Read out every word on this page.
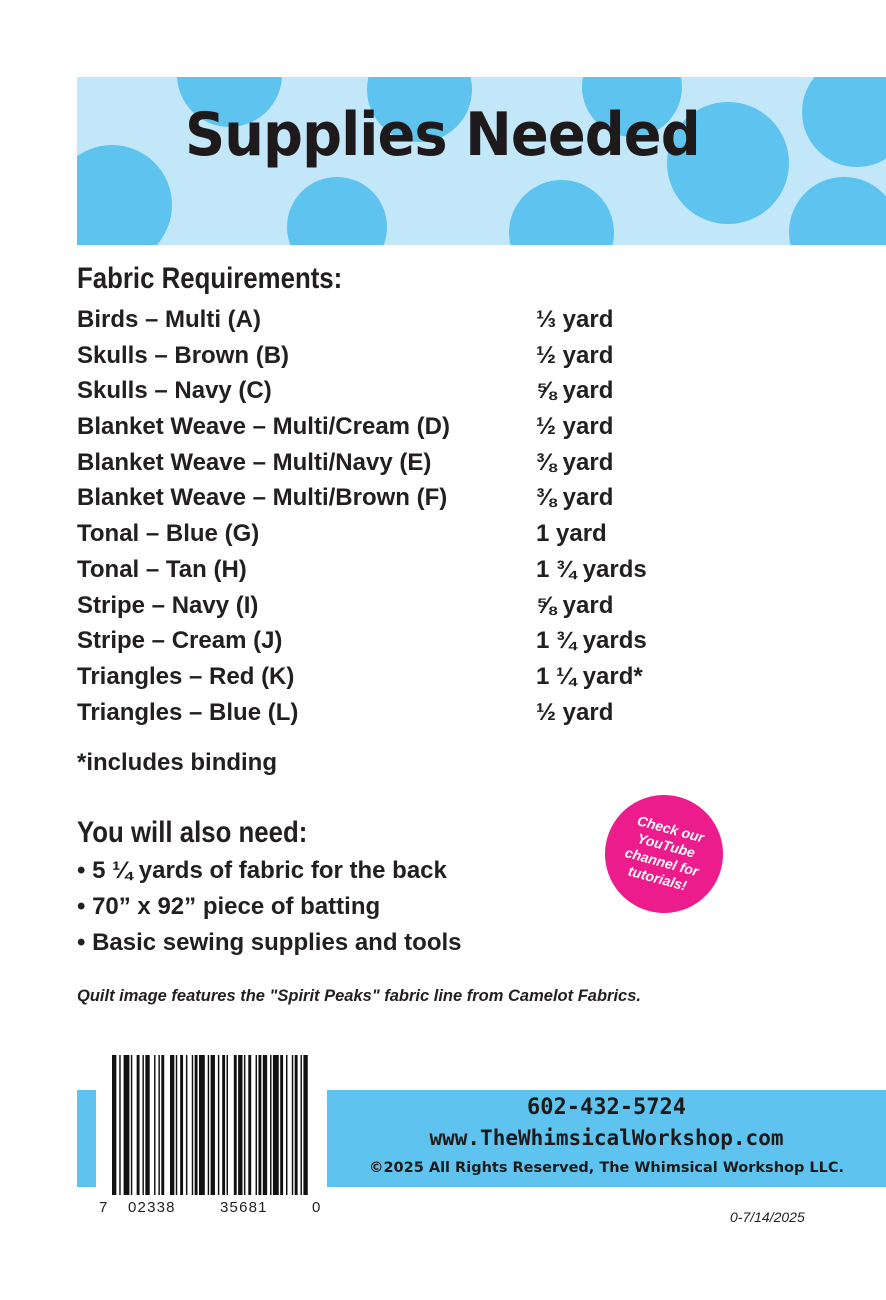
Supplies Needed
Fabric Requirements:
Birds – Multi (A)	⅓ yard
Skulls – Brown (B)	½ yard
Skulls – Navy (C)	⅝ yard
Blanket Weave – Multi/Cream (D)	½ yard
Blanket Weave – Multi/Navy (E)	⅜ yard
Blanket Weave – Multi/Brown (F)	⅜ yard
Tonal – Blue (G)	1 yard
Tonal – Tan (H)	1 ¾ yards
Stripe – Navy (I)	⅝ yard
Stripe – Cream (J)	1 ¾ yards
Triangles – Red (K)	1 ¼ yard*
Triangles – Blue (L)	½ yard
*includes binding
You will also need:
• 5 ¼ yards of fabric for the back
• 70” x 92” piece of batting
• Basic sewing supplies and tools
Check our
YouTube
channel for
tutorials!
Quilt image features the "Spirit Peaks" fabric line from Camelot Fabrics.
7 02338	35681	0
602-432-5724
www.TheWhimsicalWorkshop.com
©2025 All Rights Reserved, The Whimsical Workshop LLC.
0-7/14/2025
